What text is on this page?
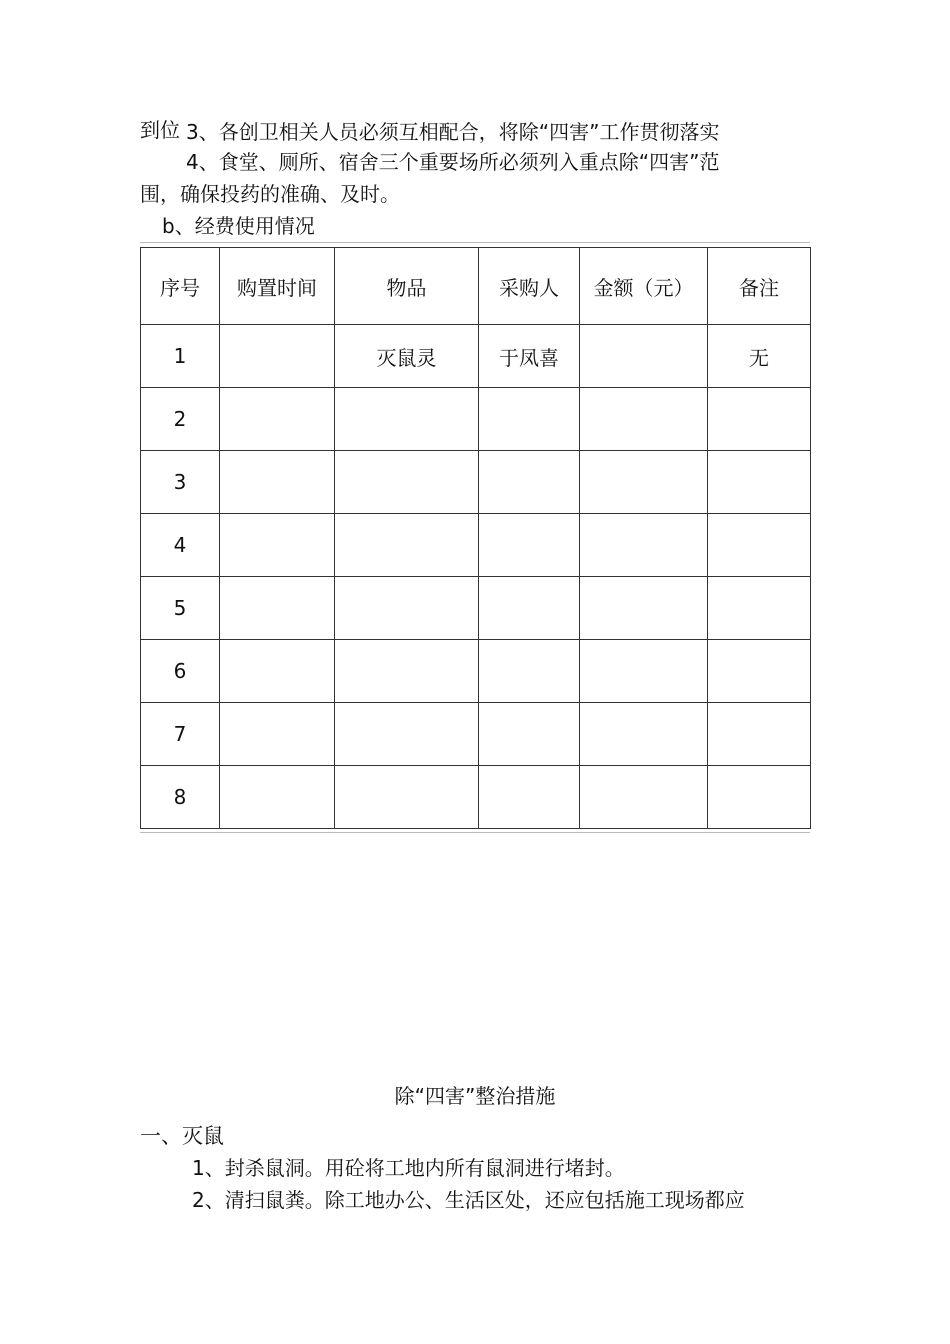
到位 3、各创卫相关人员必须互相配合，将除“四害”工作贯彻落实
4、食堂、厕所、宿舍三个重要场所必须列入重点除“四害”范
围，确保投药的准确、及时。
b、经费使用情况
序号	购置时间	物品	采购人	金额（元）	备注
1		灭鼠灵	于凤喜		无
2					
3					
4					
5					
6					
7					
8					
除“四害”整治措施
一、灭鼠
1、封杀鼠洞。用砼将工地内所有鼠洞进行堵封。
2、清扫鼠粪。除工地办公、生活区处，还应包括施工现场都应
